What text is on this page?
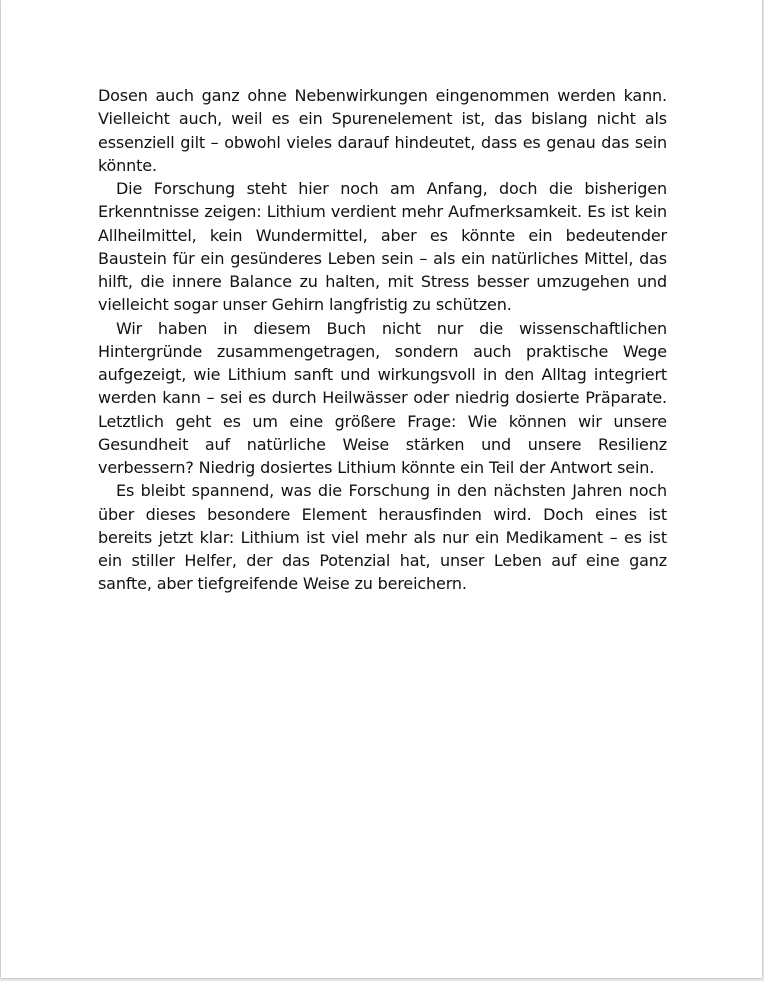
Dosen auch ganz ohne Nebenwirkungen eingenommen werden kann. Vielleicht auch, weil es ein Spurenelement ist, das bislang nicht als essenziell gilt – obwohl vieles darauf hindeutet, dass es genau das sein könnte.

Die Forschung steht hier noch am Anfang, doch die bisherigen Erkenntnisse zeigen: Lithium verdient mehr Aufmerksamkeit. Es ist kein Allheilmittel, kein Wundermittel, aber es könnte ein bedeutender Baustein für ein gesünderes Leben sein – als ein natürliches Mittel, das hilft, die innere Balance zu halten, mit Stress besser umzugehen und vielleicht sogar unser Gehirn langfristig zu schützen.

Wir haben in diesem Buch nicht nur die wissenschaftlichen Hintergründe zusammengetragen, sondern auch praktische Wege aufgezeigt, wie Lithium sanft und wirkungsvoll in den Alltag integriert werden kann – sei es durch Heilwässer oder niedrig dosierte Präparate. Letztlich geht es um eine größere Frage: Wie können wir unsere Gesundheit auf natürliche Weise stärken und unsere Resilienz verbessern? Niedrig dosiertes Lithium könnte ein Teil der Antwort sein.

Es bleibt spannend, was die Forschung in den nächsten Jahren noch über dieses besondere Element herausfinden wird. Doch eines ist bereits jetzt klar: Lithium ist viel mehr als nur ein Medikament – es ist ein stiller Helfer, der das Potenzial hat, unser Leben auf eine ganz sanfte, aber tiefgreifende Weise zu bereichern.
